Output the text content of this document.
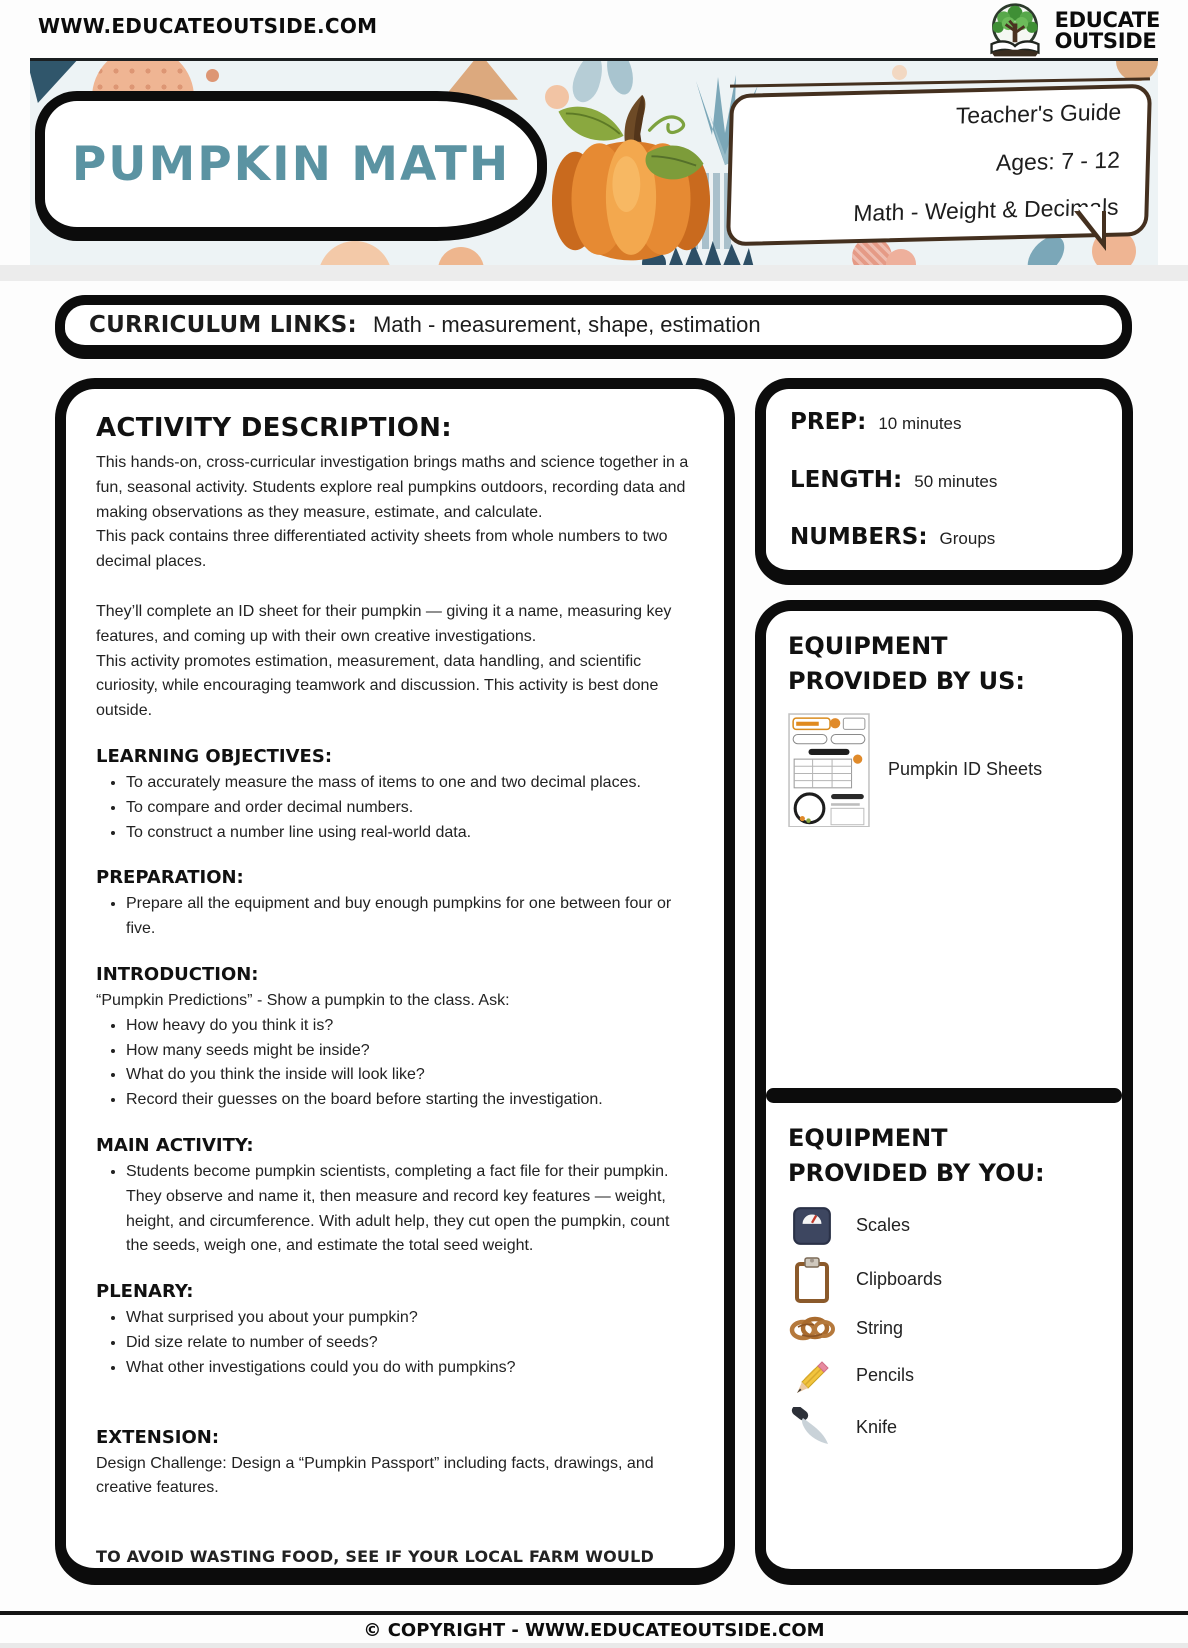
WWW.EDUCATEOUTSIDE.COM	EDUCATE
OUTSIDE
PUMPKIN MATH
Teacher's Guide
Ages: 7 - 12
Math - Weight & Decimals
CURRICULUM LINKS: Math - measurement, shape, estimation
ACTIVITY DESCRIPTION:

This hands-on, cross-curricular investigation brings maths and science together in a fun, seasonal activity. Students explore real pumpkins outdoors, recording data and making observations as they measure, estimate, and calculate.

This pack contains three differentiated activity sheets from whole numbers to two decimal places.

They’ll complete an ID sheet for their pumpkin — giving it a name, measuring key features, and coming up with their own creative investigations.

This activity promotes estimation, measurement, data handling, and scientific curiosity, while encouraging teamwork and discussion. This activity is best done outside.

LEARNING OBJECTIVES:
• To accurately measure the mass of items to one and two decimal places.
• To compare and order decimal numbers.
• To construct a number line using real-world data.
PREPARATION:
• Prepare all the equipment and buy enough pumpkins for one between four or five.
INTRODUCTION:

“Pumpkin Predictions” - Show a pumpkin to the class. Ask:

• How heavy do you think it is?
• How many seeds might be inside?
• What do you think the inside will look like?
• Record their guesses on the board before starting the investigation.
MAIN ACTIVITY:
• Students become pumpkin scientists, completing a fact file for their pumpkin. They observe and name it, then measure and record key features — weight, height, and circumference. With adult help, they cut open the pumpkin, count the seeds, weigh one, and estimate the total seed weight.
PLENARY:
• What surprised you about your pumpkin?
• Did size relate to number of seeds?
• What other investigations could you do with pumpkins?
EXTENSION:

Design Challenge: Design a “Pumpkin Passport” including facts, drawings, and creative features.

TO AVOID WASTING FOOD, SEE IF YOUR LOCAL FARM WOULD LIKE THE PUMPKIN SCRAPS.

PREP: 10 minutes
LENGTH: 50 minutes
NUMBERS: Groups
EQUIPMENT
PROVIDED BY US:
Pumpkin ID Sheets
EQUIPMENT
PROVIDED BY YOU:
Scales
Clipboards
String
Pencils
Knife
© COPYRIGHT - WWW.EDUCATEOUTSIDE.COM
